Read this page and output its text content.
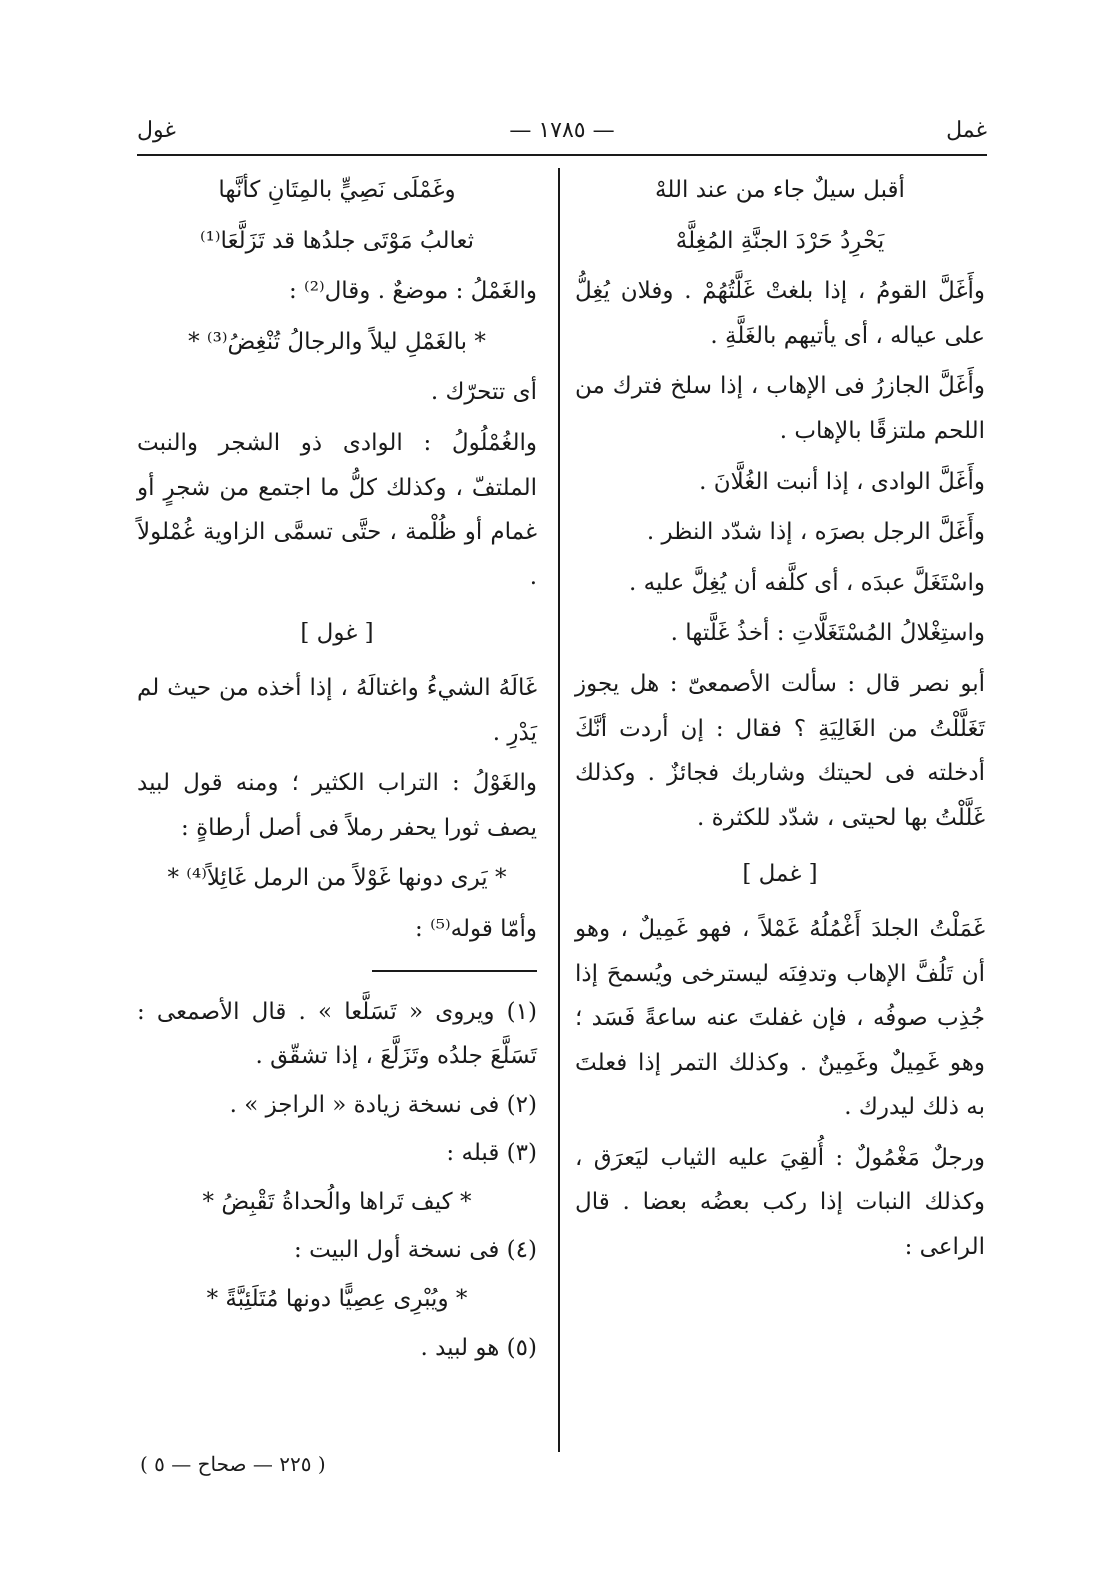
غمل
— ١٧٨٥ —
غول

أقبل سيلٌ جاء من عند اللهْ

يَحْرِدُ حَرْدَ الجنَّةِ المُغِلَّهْ

وأَغَلَّ القومُ ، إذا بلغتْ غَلَّتُهُمْ . وفلان يُغِلُّ على عياله ، أى يأتيهم بالغَلَّةِ .

وأَغَلَّ الجازرُ فى الإهاب ، إذا سلخ فترك من اللحم ملتزقًا بالإهاب .

وأَغَلَّ الوادى ، إذا أنبت الغُلَّانَ .

وأَغَلَّ الرجل بصرَه ، إذا شدّد النظر .

واسْتَغَلَّ عبدَه ، أى كلَّفه أن يُغِلَّ عليه .

واستِغْلالُ المُسْتَغَلَّاتِ : أخذُ غَلَّتها .

أبو نصر قال : سألت الأصمعىّ : هل يجوز تَغَلَّلْتُ من الغَالِيَةِ ؟ فقال : إن أردت أنَّكَ أدخلته فى لحيتك وشاربك فجائزٌ . وكذلك غَلَّلْتُ بها لحيتى ، شدّد للكثرة .

[ غمل ]

غَمَلْتُ الجلدَ أَغْمُلُهُ غَمْلاً ، فهو غَمِيلٌ ، وهو أن تَلُفَّ الإهاب وتدفِنَه ليسترخى ويُسمحَ إذا جُذِب صوفُه ، فإن غفلتَ عنه ساعةً فَسَد ؛ وهو غَمِيلٌ وغَمِينٌ . وكذلك التمر إذا فعلتَ به ذلك ليدرك .

ورجلٌ مَغْمُولٌ : أُلقِيَ عليه الثياب ليَعرَق ، وكذلك النبات إذا ركب بعضُه بعضا . قال الراعى :

وغَمْلَى نَصِيٍّ بالمِتَانِ كأنَّها

ثعالبُ مَوْتَى جلدُها قد تَزَلَّعَا⁽¹⁾

والغَمْلُ : موضعٌ . وقال⁽²⁾ :

* بالغَمْلِ ليلاً والرجالُ تُنْغِضُ⁽³⁾ *

أى تتحرّك .

والغُمْلُولُ : الوادى ذو الشجر والنبت الملتفّ ، وكذلك كلُّ ما اجتمع من شجرٍ أو غمام أو ظُلْمة ، حتَّى تسمَّى الزاوية غُمْلولاً .

[ غول ]

غَالَهُ الشيءُ واغتالَهُ ، إذا أخذه من حيث لم يَدْرِ .

والغَوْلُ : التراب الكثير ؛ ومنه قول لبيد يصف ثورا يحفر رملاً فى أصل أرطاةٍ :

* يَرى دونها غَوْلاً من الرمل غَائِلاً⁽⁴⁾ *

وأمّا قوله⁽⁵⁾ :

(١) ويروى « تَسَلَّعا » . قال الأصمعى : تَسَلَّعَ جلدُه وتَزَلَّعَ ، إذا تشقّق .

(٢) فى نسخة زيادة « الراجز » .

(٣) قبله :

* كيف تَراها والُحداةُ تَقْبِضُ *

(٤) فى نسخة أول البيت :

* ويُبْرِى عِصِيًّا دونها مُتَلَئِبَّةً *

(٥) هو لبيد .

( ٢٢٥ — صحاح — ٥ )
